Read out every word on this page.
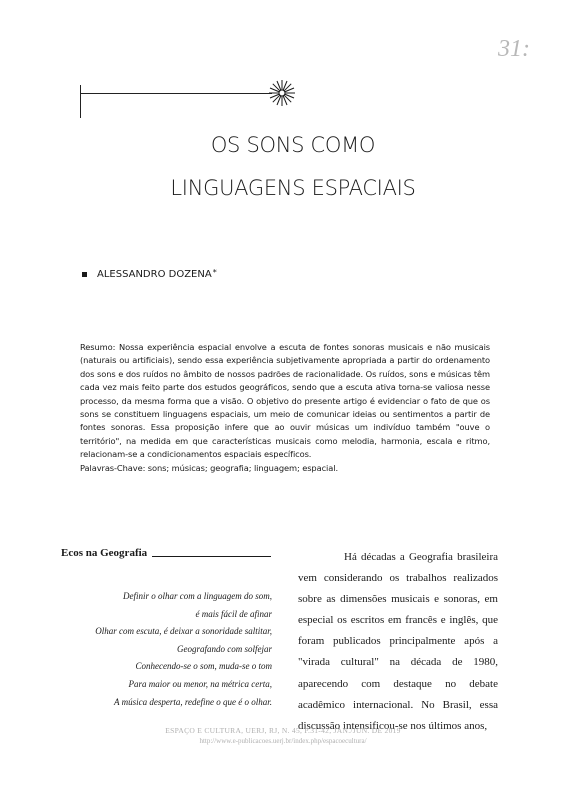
31:
OS SONS COMO
LINGUAGENS ESPACIAIS
ALESSANDRO DOZENA*

Resumo: Nossa experiência espacial envolve a escuta de fontes sonoras musicais e não musicais (naturais ou artificiais), sendo essa experiência subjetivamente apropriada a partir do ordenamento dos sons e dos ruídos no âmbito de nossos padrões de racionalidade. Os ruídos, sons e músicas têm cada vez mais feito parte dos estudos geográficos, sendo que a escuta ativa torna-se valiosa nesse processo, da mesma forma que a visão. O objetivo do presente artigo é evidenciar o fato de que os sons se constituem linguagens espaciais, um meio de comunicar ideias ou sentimentos a partir de fontes sonoras. Essa proposição infere que ao ouvir músicas um indivíduo também "ouve o território", na medida em que características musicais como melodia, harmonia, escala e ritmo, relacionam-se a condicionamentos espaciais específicos.

Palavras-Chave: sons; músicas; geografia; linguagem; espacial.

Ecos na Geografia
Definir o olhar com a linguagem do som,
é mais fácil de afinar
Olhar com escuta, é deixar a sonoridade saltitar,
Geografando com solfejar
Conhecendo-se o som, muda-se o tom
Para maior ou menor, na métrica certa,
A música desperta, redefine o que é o olhar.

Há décadas a Geografia brasileira vem considerando os trabalhos realizados sobre as dimensões musicais e sonoras, em especial os escritos em francês e inglês, que foram publicados principalmente após a "virada cultural" na década de 1980, aparecendo com destaque no debate acadêmico internacional. No Brasil, essa discussão intensificou-se nos últimos anos,

ESPAÇO E CULTURA, UERJ, RJ, N. 45, P.31-42, JAN./JUN. DE 2019
http://www.e-publicacoes.uerj.br/index.php/espacoecultura/
